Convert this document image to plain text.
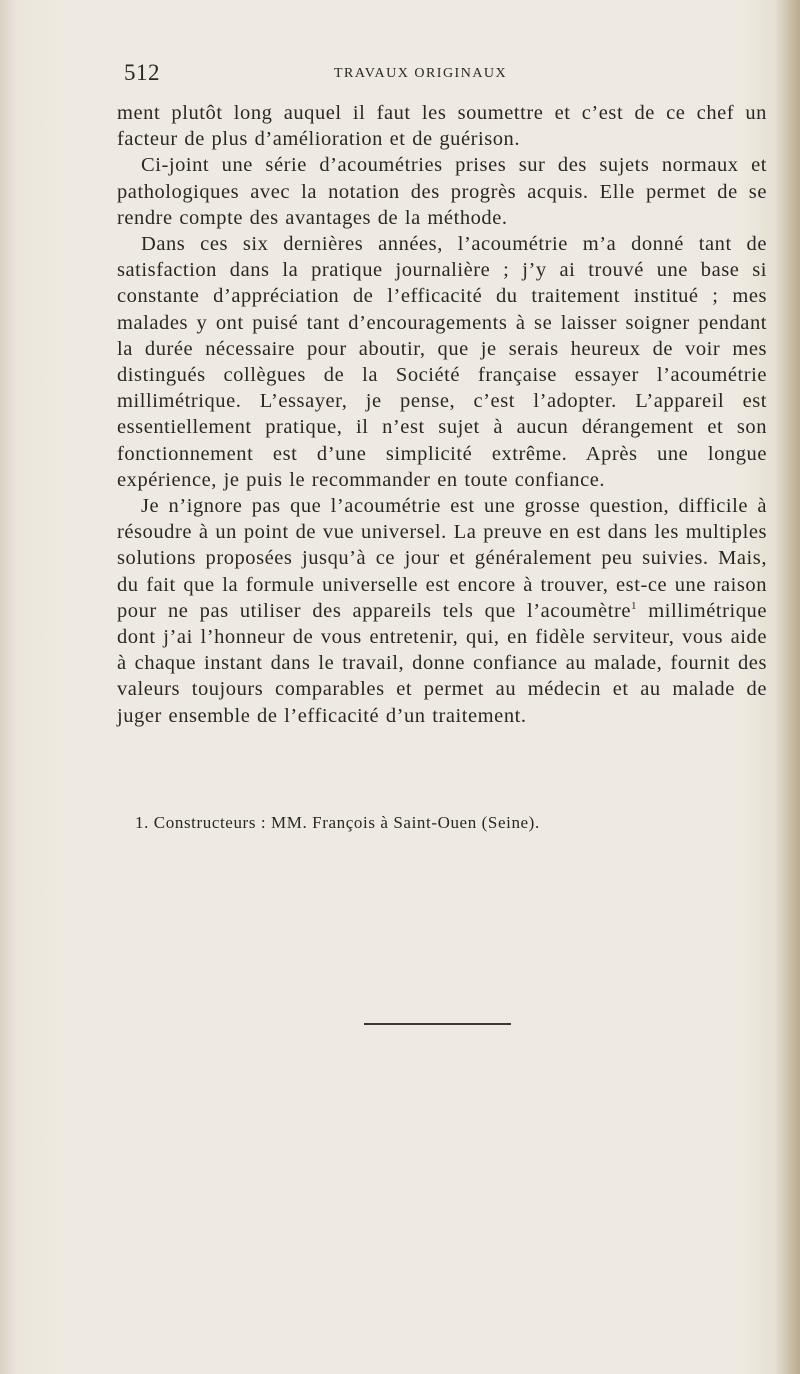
512	TRAVAUX ORIGINAUX

ment plutôt long auquel il faut les soumettre et c’est de ce chef un facteur de plus d’amélioration et de guérison.

Ci-joint une série d’acoumétries prises sur des sujets normaux et pathologiques avec la notation des progrès acquis. Elle permet de se rendre compte des avantages de la méthode.

Dans ces six dernières années, l’acoumétrie m’a donné tant de satisfaction dans la pratique journalière ; j’y ai trouvé une base si constante d’appréciation de l’efficacité du traitement institué ; mes malades y ont puisé tant d’encouragements à se laisser soigner pendant la durée nécessaire pour aboutir, que je serais heureux de voir mes distingués collègues de la Société française essayer l’acoumétrie millimétrique. L’essayer, je pense, c’est l’adopter. L’appareil est essentiellement pratique, il n’est sujet à aucun dérangement et son fonctionnement est d’une simplicité extrême. Après une longue expérience, je puis le recommander en toute confiance.

Je n’ignore pas que l’acoumétrie est une grosse question, difficile à résoudre à un point de vue universel. La preuve en est dans les multiples solutions proposées jusqu’à ce jour et généralement peu suivies. Mais, du fait que la formule universelle est encore à trouver, est-ce une raison pour ne pas utiliser des appareils tels que l’acoumètre$^1$ millimétrique dont j’ai l’honneur de vous entretenir, qui, en fidèle serviteur, vous aide à chaque instant dans le travail, donne confiance au malade, fournit des valeurs toujours comparables et permet au médecin et au malade de juger ensemble de l’efficacité d’un traitement.

1. Constructeurs : MM. François à Saint-Ouen (Seine).
